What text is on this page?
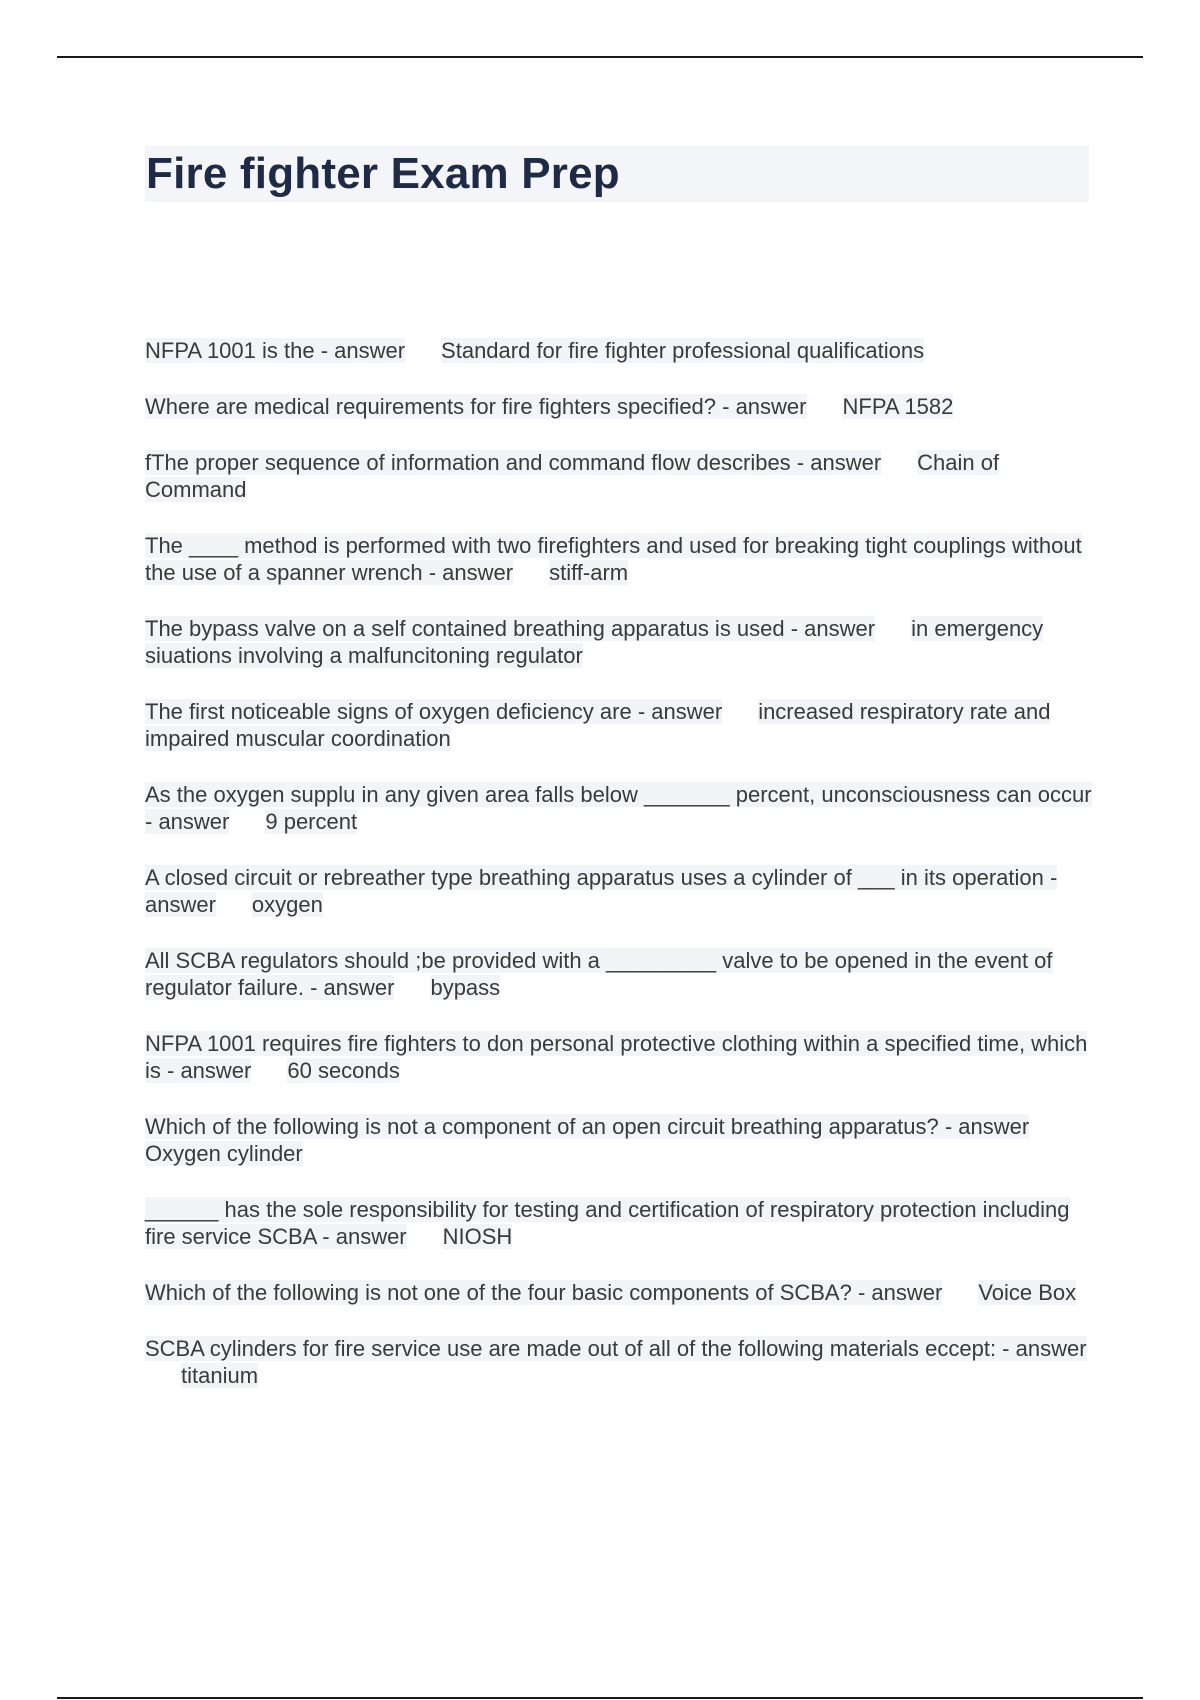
Fire fighter Exam Prep

NFPA 1001 is the - answer Standard for fire fighter professional qualifications

Where are medical requirements for fire fighters specified? - answer NFPA 1582

fThe proper sequence of information and command flow describes - answer Chain of Command

The ____ method is performed with two firefighters and used for breaking tight couplings without the use of a spanner wrench - answer stiff-arm

The bypass valve on a self contained breathing apparatus is used - answer in emergency siuations involving a malfuncitoning regulator

The first noticeable signs of oxygen deficiency are - answer increased respiratory rate and impaired muscular coordination

As the oxygen supplu in any given area falls below _______ percent, unconsciousness can occur - answer 9 percent

A closed circuit or rebreather type breathing apparatus uses a cylinder of ___ in its operation - answer oxygen

All SCBA regulators should ;be provided with a _________ valve to be opened in the event of regulator failure. - answer bypass

NFPA 1001 requires fire fighters to don personal protective clothing within a specified time, which is - answer 60 seconds

Which of the following is not a component of an open circuit breathing apparatus? - answerOxygen cylinder

______ has the sole responsibility for testing and certification of respiratory protection including fire service SCBA - answer NIOSH

Which of the following is not one of the four basic components of SCBA? - answer Voice Box

SCBA cylinders for fire service use are made out of all of the following materials eccept: - answertitanium
